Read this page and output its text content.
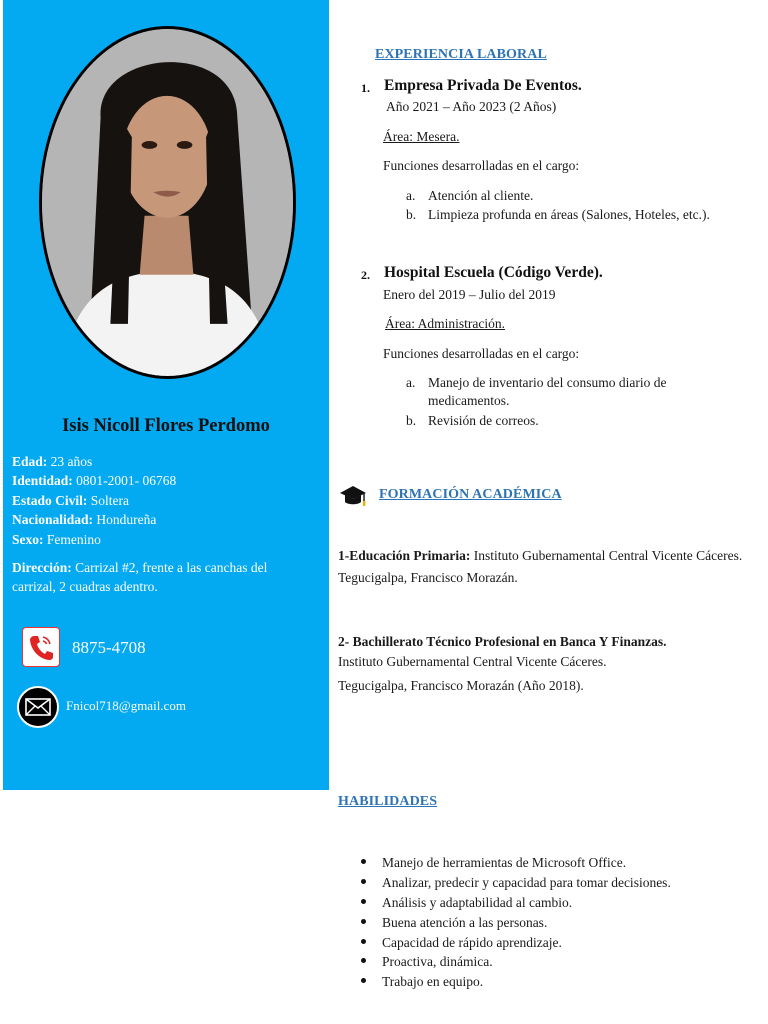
Isis Nicoll Flores Perdomo
Edad: 23 años
Identidad: 0801-2001- 06768
Estado Civil: Soltera
Nacionalidad: Hondureña
Sexo: Femenino
Dirección: Carrizal #2, frente a las canchas del carrizal, 2 cuadras adentro.
8875-4708
Fnicol718@gmail.com
EXPERIENCIA LABORAL
1. Empresa Privada De Eventos.
Año 2021 – Año 2023 (2 Años)
Área: Mesera.
Funciones desarrolladas en el cargo:
a. Atención al cliente.
b. Limpieza profunda en áreas (Salones, Hoteles, etc.).
2. Hospital Escuela (Código Verde).
Enero del 2019 – Julio del 2019
Área: Administración.
Funciones desarrolladas en el cargo:
a. Manejo de inventario del consumo diario de
medicamentos.
b. Revisión de correos.
FORMACIÓN ACADÉMICA
1-Educación Primaria: Instituto Gubernamental Central Vicente Cáceres.
Tegucigalpa, Francisco Morazán.
2- Bachillerato Técnico Profesional en Banca Y Finanzas.
Instituto Gubernamental Central Vicente Cáceres.
Tegucigalpa, Francisco Morazán (Año 2018).
HABILIDADES
Manejo de herramientas de Microsoft Office.
Analizar, predecir y capacidad para tomar decisiones.
Análisis y adaptabilidad al cambio.
Buena atención a las personas.
Capacidad de rápido aprendizaje.
Proactiva, dinámica.
Trabajo en equipo.
